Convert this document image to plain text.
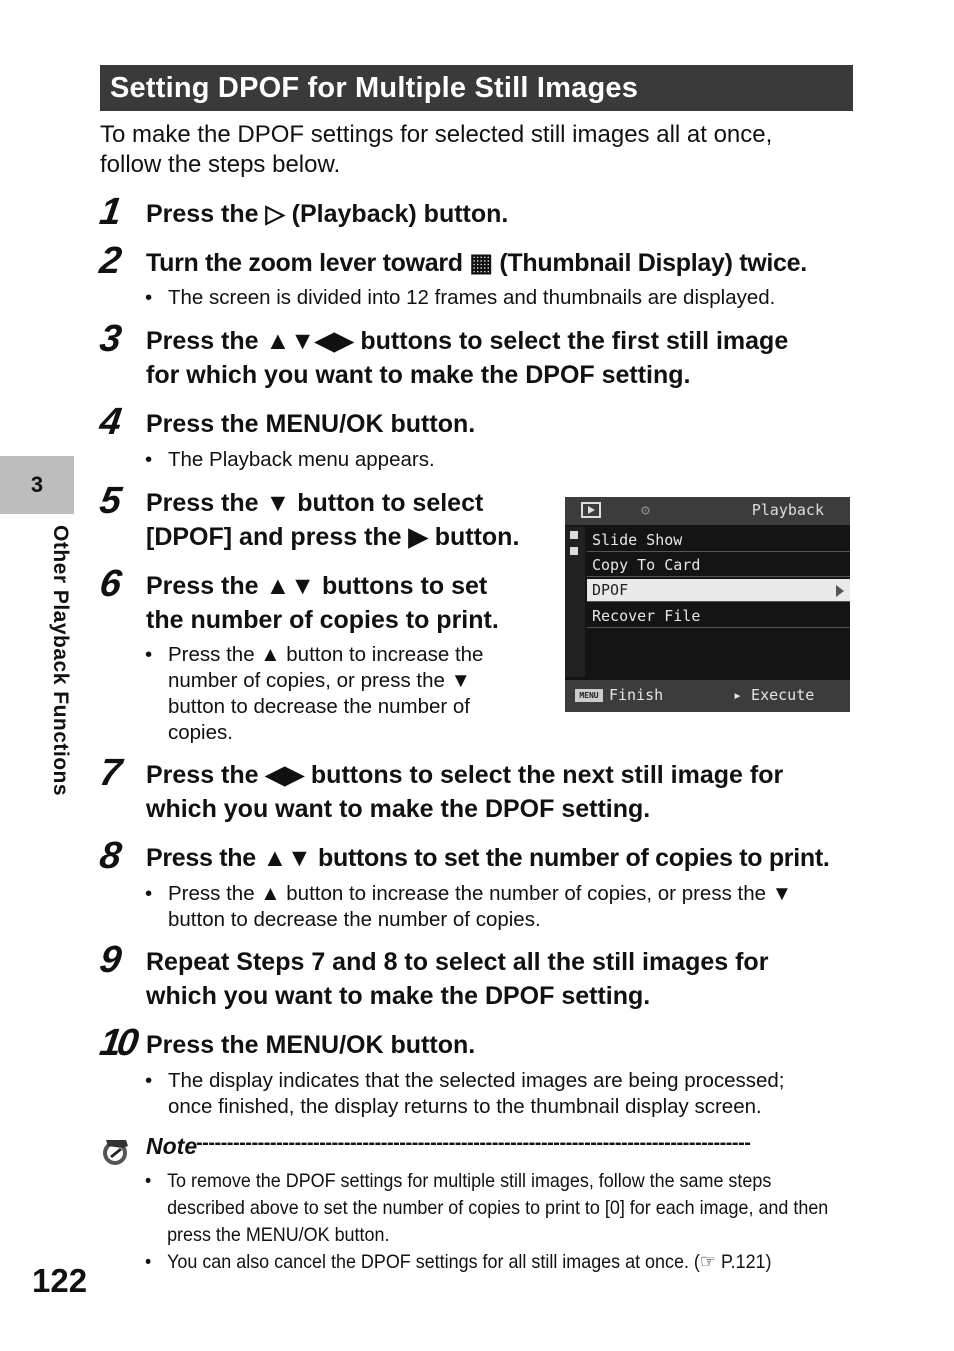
Setting DPOF for Multiple Still Images

To make the DPOF settings for selected still images all at once,
follow the steps below.

1 Press the ▷ (Playback) button.
2 Turn the zoom lever toward ▦ (Thumbnail Display) twice.
• The screen is divided into 12 frames and thumbnails are displayed.
3 Press the ▲▼◀▶ buttons to select the first still image
for which you want to make the DPOF setting.
4 Press the MENU/OK button.
• The Playback menu appears.
5 Press the ▼ button to select
[DPOF] and press the ▶ button.
6 Press the ▲▼ buttons to set
the number of copies to print.
• Press the ▲ button to increase the
number of copies, or press the ▼
button to decrease the number of
copies.
⚙	Playback
Slide Show
Copy To Card
DPOF
Recover File
MENU Finish	▸ Execute
7 Press the ◀▶ buttons to select the next still image for
which you want to make the DPOF setting.
8 Press the ▲▼ buttons to set the number of copies to print.
• Press the ▲ button to increase the number of copies, or press the ▼
button to decrease the number of copies.
9 Repeat Steps 7 and 8 to select all the still images for
which you want to make the DPOF setting.
10 Press the MENU/OK button.
• The display indicates that the selected images are being processed;
once finished, the display returns to the thumbnail display screen.
Note
------------------------------------------------------------------------------------------
• To remove the DPOF settings for multiple still images, follow the same steps
described above to set the number of copies to print to [0] for each image, and then
press the MENU/OK button.
• You can also cancel the DPOF settings for all still images at once. (☞ P.121)
3
Other Playback Functions
122
